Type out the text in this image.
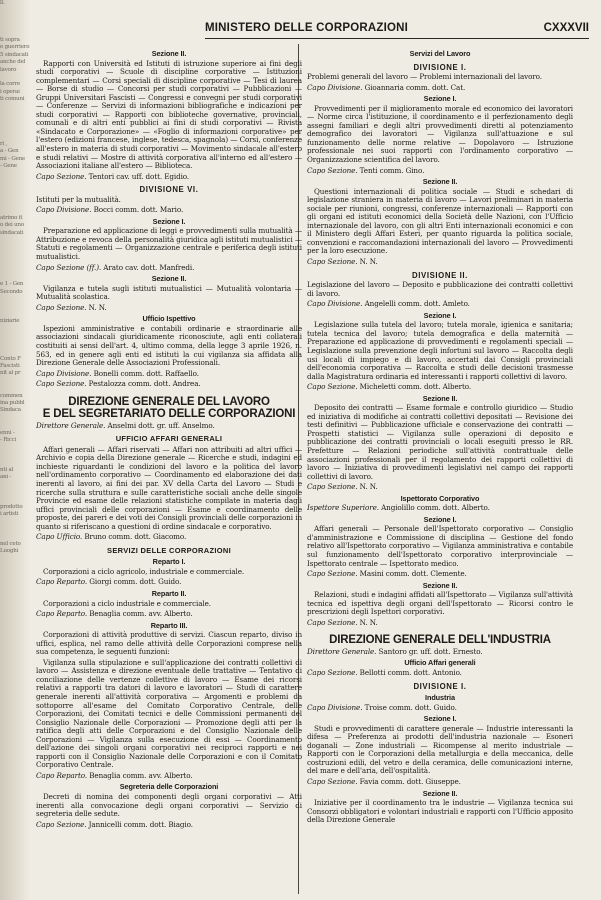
ll.

ti sopra
e guerriero
5 sindacati
anche del
lavoro

la corre
i operai
ti comuni

ri ,
a - Gen
mi - Gene
- Gene

atrimo it
o dei uno
sindacati

e 1 - Gen
Secondo

niziarie

Conto F
Fascisti
nit al pr

commen
ina pubbl
Sindaca

enni -
- Ricci

nti al
ani -

prodotto
i artisti

nel ceto
Luoghi

MINISTERO DELLE CORPORAZIONI	CXXXVII
Sezione II.

Rapporti con Università ed Istituti di istruzione superiore ai fini degli studi corporativi — Scuole di discipline corporative — Istituzioni complementari — Corsi speciali di discipline corporative — Tesi di laurea — Borse di studio — Concorsi per studi corporativi — Pubblicazioni — Gruppi Universitari Fascisti — Congressi e convegni per studi corporativi — Conferenze — Servizi di informazioni bibliografiche e indicazioni per studi corporativi — Rapporti con biblioteche governative, provinciali, comunali e di altri enti pubblici ai fini di studi corporativi — Rivista «Sindacato e Corporazione» — «Foglio di informazioni corporative» per l'estero (edizioni francese, inglese, tedesca, spagnola) — Corsi, conferenze all'estero in materia di studi corporativi — Movimento sindacale all'estero e studi relativi — Mostre di attività corporativa all'interno ed all'estero — Associazioni italiane all'estero — Biblioteca.

Capo Sezione. Tentori cav. uff. dott. Egidio.
DIVISIONE VI.

Istituti per la mutualità.

Capo Divisione. Bocci comm. dott. Mario.
Sezione I.

Preparazione ed applicazione di leggi e provvedimenti sulla mutualità — Attribuzione e revoca della personalità giuridica agli istituti mutualistici — Statuti e regolamenti — Organizzazione centrale e periferica degli istituti mutualistici.

Capo Sezione (ff.). Arato cav. dott. Manfredi.
Sezione II.

Vigilanza e tutela sugli istituti mutualistici — Mutualità volontaria — Mutualità scolastica.

Capo Sezione. N. N.
Ufficio Ispettivo

Ispezioni amministrative e contabili ordinarie e straordinarie alle associazioni sindacali giuridicamente riconosciute, agli enti collaterali costituiti ai sensi dell'art. 4, ultimo comma, della legge 3 aprile 1926, n. 563, ed in genere agli enti ed istituti la cui vigilanza sia affidata alla Direzione Generale delle Associazioni Professionali.

Capo Divisione. Bonelli comm. dott. Raffaello.
Capo Sezione. Pestalozza comm. dott. Andrea.
DIREZIONE GENERALE DEL LAVORO
E DEL SEGRETARIATO DELLE CORPORAZIONI
Direttore Generale. Anselmi dott. gr. uff. Anselmo.
UFFICIO AFFARI GENERALI

Affari generali — Affari riservati — Affari non attribuiti ad altri uffici — Archivio e copia della Direzione generale — Ricerche e studi, indagini ed inchieste riguardanti le condizioni del lavoro e la politica del lavoro nell'ordinamento corporativo — Coordinamento ed elaborazione dei dati inerenti al lavoro, ai fini dei par. XV della Carta del Lavoro — Studi e ricerche sulla struttura e sulle caratteristiche sociali anche delle singole Provincie ed esame delle relazioni statistiche compilate in materia dagli uffici provinciali delle corporazioni — Esame e coordinamento delle proposte, dei pareri e dei voti dei Consigli provinciali delle corporazioni in quanto si riferiscano a questioni di ordine sindacale e corporativo.

Capo Ufficio. Bruno comm. dott. Giacomo.
SERVIZI DELLE CORPORAZIONI
Reparto I.

Corporazioni a ciclo agricolo, industriale e commerciale.

Capo Reparto. Giorgi comm. dott. Guido.
Reparto II.

Corporazioni a ciclo industriale e commerciale.

Capo Reparto. Benaglia comm. avv. Alberto.
Reparto III.

Corporazioni di attività produttive di servizi. Ciascun reparto, diviso in uffici, esplica, nel ramo delle attività delle Corporazioni comprese nella sua competenza, le seguenti funzioni:

Vigilanza sulla stipulazione e sull'applicazione dei contratti collettivi di lavoro — Assistenza e direzione eventuale delle trattative — Tentativo di conciliazione delle vertenze collettive di lavoro — Esame dei ricorsi relativi a rapporti tra datori di lavoro e lavoratori — Studi di carattere generale inerenti all'attività corporativa — Argomenti e problemi da sottoporre all'esame del Comitato Corporativo Centrale, delle Corporazioni, dei Comitati tecnici e delle Commissioni permanenti del Consiglio Nazionale delle Corporazioni — Promozione degli atti per la ratifica degli atti delle Corporazioni e del Consiglio Nazionale delle Corporazioni — Vigilanza sulla esecuzione di essi — Coordinamento dell'azione dei singoli organi corporativi nei reciproci rapporti e nei rapporti con il Consiglio Nazionale delle Corporazioni e con il Comitato Corporativo Centrale.

Capo Reparto. Benaglia comm. avv. Alberto.
Segreteria delle Corporazioni

Decreti di nomina dei componenti degli organi corporativi — Atti inerenti alla convocazione degli organi corporativi — Servizio di segreteria delle sedute.

Capo Sezione. Jannicelli comm. dott. Biagio.
Servizi del Lavoro
DIVISIONE I.

Problemi generali del lavoro — Problemi internazionali del lavoro.

Capo Divisione. Gioannaria comm. dott. Cat.
Sezione I.

Provvedimenti per il miglioramento morale ed economico dei lavoratori — Norme circa l'istituzione, il coordinamento e il perfezionamento degli assegni familiari e degli altri provvedimenti diretti al potenziamento demografico dei lavoratori — Vigilanza sull'attuazione e sul funzionamento delle norme relative — Dopolavoro — Istruzione professionale nei suoi rapporti con l'ordinamento corporativo — Organizzazione scientifica del lavoro.

Capo Sezione. Tenti comm. Gino.
Sezione II.

Questioni internazionali di politica sociale — Studi e schedari di legislazione straniera in materia di lavoro — Lavori preliminari in materia sociale per riunioni, congressi, conferenze internazionali — Rapporti con gli organi ed istituti economici della Società delle Nazioni, con l'Ufficio internazionale del lavoro, con gli altri Enti internazionali economici e con il Ministero degli Affari Esteri, per quanto riguarda la politica sociale, convenzioni e raccomandazioni internazionali del lavoro — Provvedimenti per la loro esecuzione.

Capo Sezione. N. N.
DIVISIONE II.

Legislazione del lavoro — Deposito e pubblicazione dei contratti collettivi di lavoro.

Capo Divisione. Angelelli comm. dott. Amleto.
Sezione I.

Legislazione sulla tutela del lavoro; tutela morale, igienica e sanitaria; tutela tecnica del lavoro; tutela demografica e della maternità — Preparazione ed applicazione di provvedimenti e regolamenti speciali — Legislazione sulla prevenzione degli infortuni sul lavoro — Raccolta degli usi locali di impiego e di lavoro, accertati dai Consigli provinciali dell'economia corporativa — Raccolta e studi delle decisioni trasmesse dalla Magistratura ordinaria ed interessanti i rapporti collettivi di lavoro.

Capo Sezione. Micheletti comm. dott. Alberto.
Sezione II.

Deposito dei contratti — Esame formale e controllo giuridico — Studio ed iniziativa di modifiche ai contratti collettivi depositati — Revisione dei testi definitivi — Pubblicazione ufficiale e conservazione dei contratti — Prospetti statistici — Vigilanza sulle operazioni di deposito e pubblicazione dei contratti provinciali o locali eseguiti presso le RR. Prefetture — Relazioni periodiche sull'attività contrattuale delle associazioni professionali per il regolamento dei rapporti collettivi di lavoro — Iniziativa di provvedimenti legislativi nel campo dei rapporti collettivi di lavoro.

Capo Sezione. N. N.
Ispettorato Corporativo
Ispettore Superiore. Angiolillo comm. dott. Alberto.
Sezione I.

Affari generali — Personale dell'Ispettorato corporativo — Consiglio d'amministrazione e Commissione di disciplina — Gestione del fondo relativo all'Ispettorato corporativo — Vigilanza amministrativa e contabile sul funzionamento dell'Ispettorato corporativo interprovinciale — Ispettorato centrale — Ispettorato medico.

Capo Sezione. Masini comm. dott. Clemente.
Sezione II.

Relazioni, studi e indagini affidati all'Ispettorato — Vigilanza sull'attività tecnica ed ispettiva degli organi dell'Ispettorato — Ricorsi contro le prescrizioni degli Ispettori corporativi.

Capo Sezione. N. N.
DIREZIONE GENERALE DELL'INDUSTRIA
Direttore Generale. Santoro gr. uff. dott. Ernesto.
Ufficio Affari generali
Capo Sezione. Bellotti comm. dott. Antonio.
DIVISIONE I.
Industria
Capo Divisione. Troise comm. dott. Guido.
Sezione I.

Studi e provvedimenti di carattere generale — Industrie interessanti la difesa — Preferenza ai prodotti dell'industria nazionale — Esoneri doganali — Zone industriali — Ricompense al merito industriale — Rapporti con le Corporazioni della metallurgia e della meccanica, delle costruzioni edili, del vetro e della ceramica, delle comunicazioni interne, del mare e dell'aria, dell'ospitalità.

Capo Sezione. Favia comm. dott. Giuseppe.
Sezione II.

Iniziative per il coordinamento tra le industrie — Vigilanza tecnica sui Consorzi obbligatori e volontari industriali e rapporti con l'Ufficio apposito della Direzione Generale
